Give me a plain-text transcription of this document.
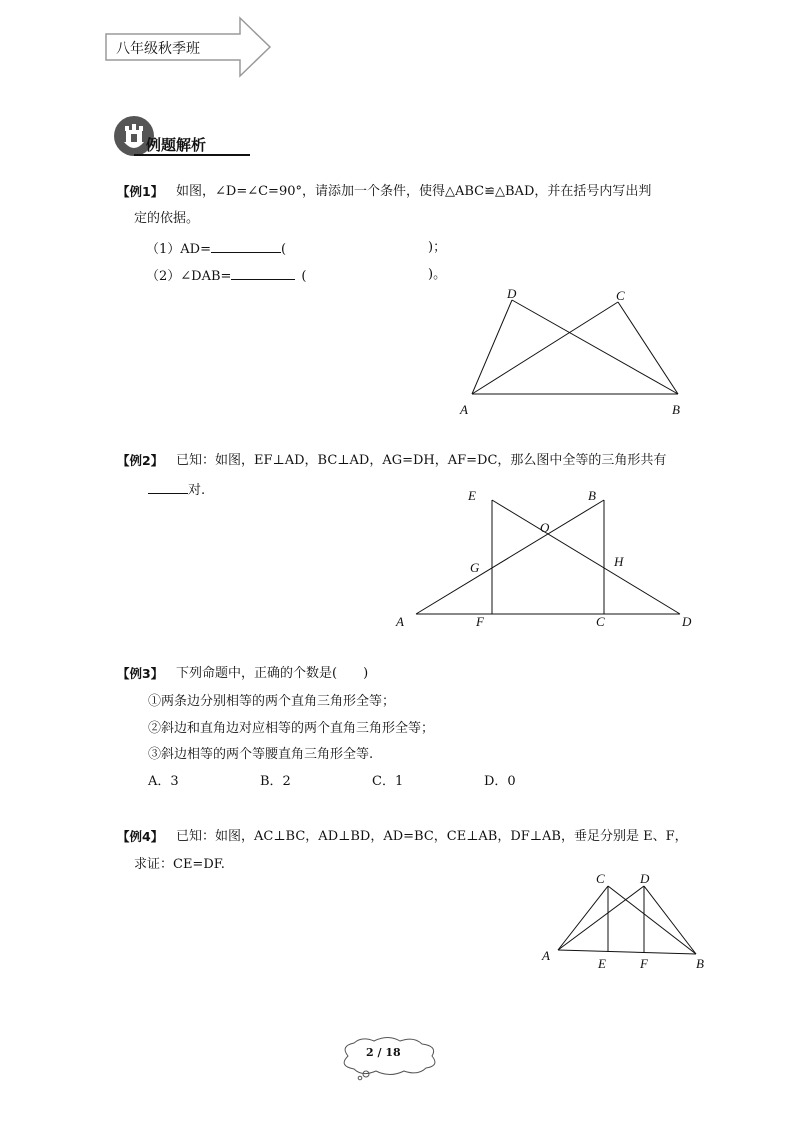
八年级秋季班
例题解析
【例1】 如图，∠D=∠C=90°，请添加一个条件，使得△ABC≌△BAD，并在括号内写出判
定的依据。
（1）AD=	(	)；
（2）∠DAB=	(	)。
D	C
A	B
【例2】 已知：如图，EF⊥AD，BC⊥AD，AG=DH，AF=DC，那么图中全等的三角形共有
对.	E	B
O
G	H
A	F	C	D
【例3】 下列命题中，正确的个数是(　　)
①两条边分别相等的两个直角三角形全等；
②斜边和直角边对应相等的两个直角三角形全等；
③斜边相等的两个等腰直角三角形全等.
A．3	B．2	C．1	D．0
【例4】 已知：如图，AC⊥BC，AD⊥BD，AD=BC，CE⊥AB，DF⊥AB，垂足分别是 E、F，
求证：CE=DF.
C	D
A
E	F	B
2 / 18
